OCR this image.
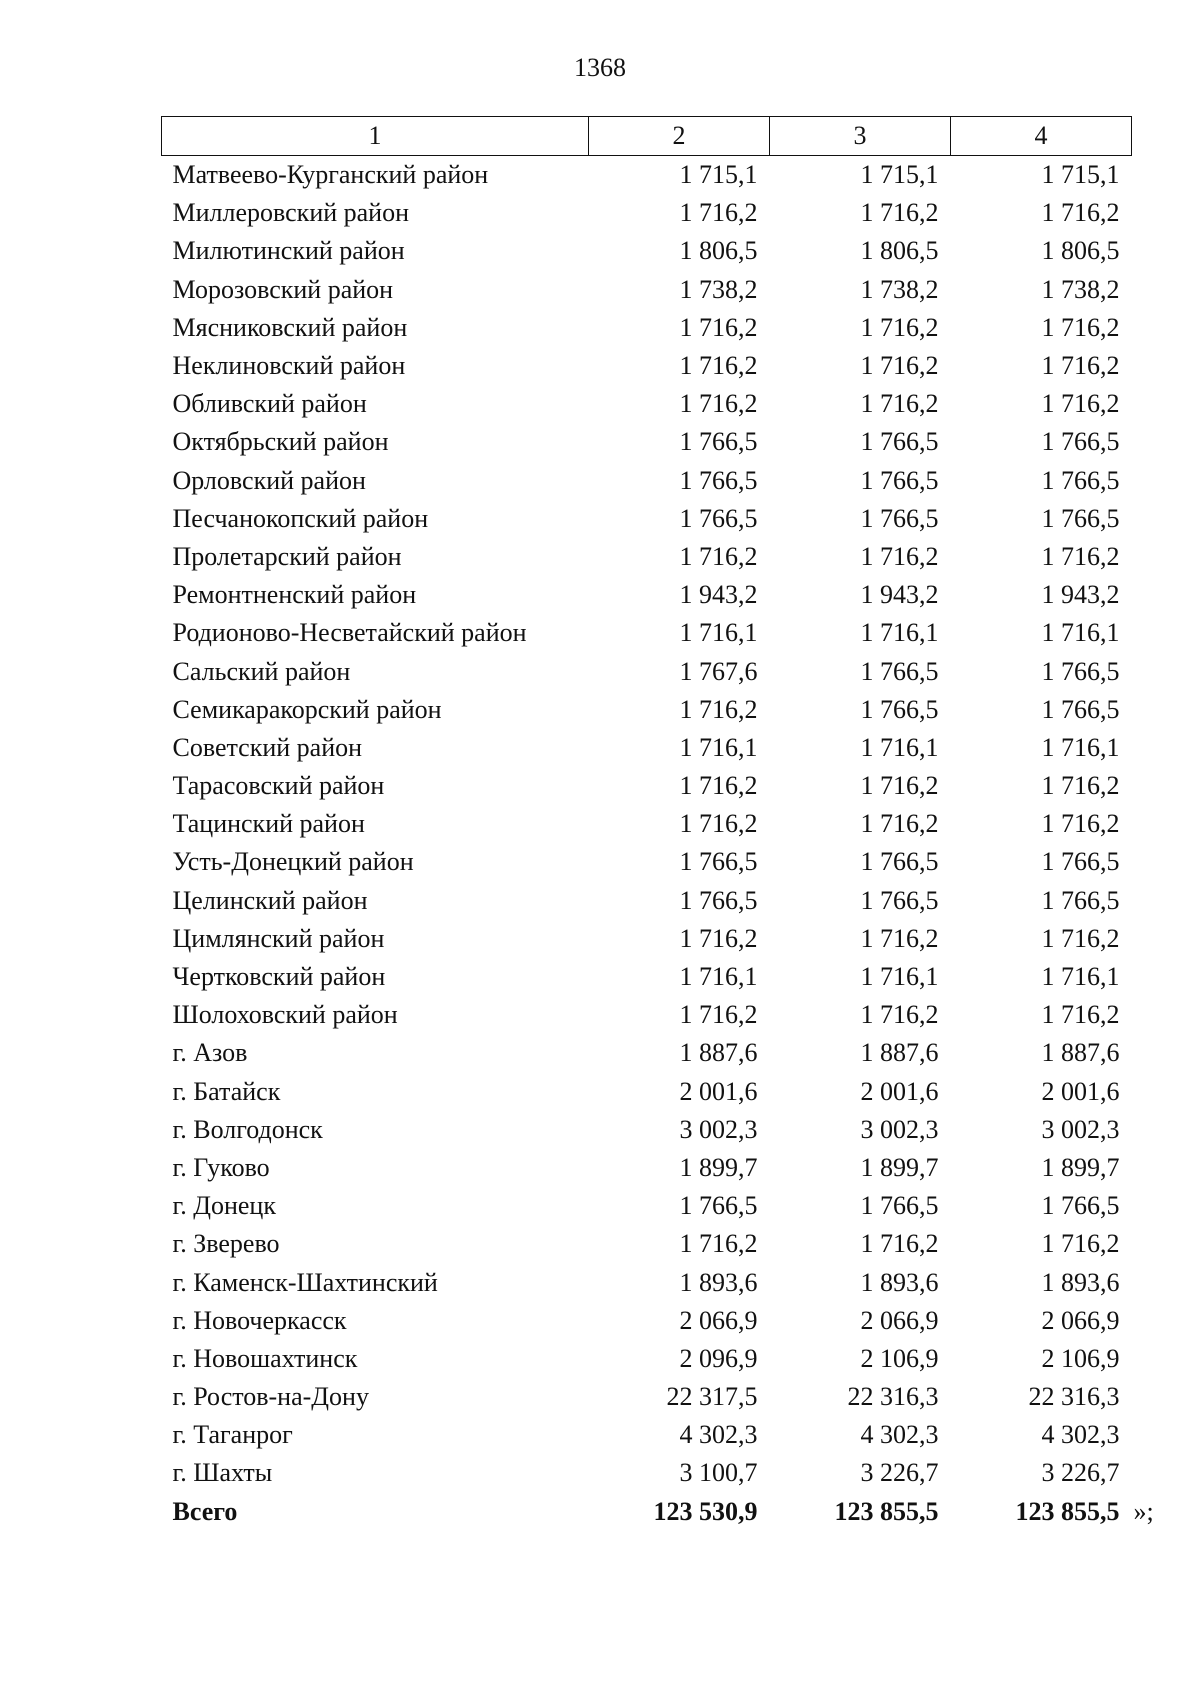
1368
1	2	3	4
Матвеево-Курганский район	1 715,1	1 715,1	1 715,1
Миллеровский район	1 716,2	1 716,2	1 716,2
Милютинский район	1 806,5	1 806,5	1 806,5
Морозовский район	1 738,2	1 738,2	1 738,2
Мясниковский район	1 716,2	1 716,2	1 716,2
Неклиновский район	1 716,2	1 716,2	1 716,2
Обливский район	1 716,2	1 716,2	1 716,2
Октябрьский район	1 766,5	1 766,5	1 766,5
Орловский район	1 766,5	1 766,5	1 766,5
Песчанокопский район	1 766,5	1 766,5	1 766,5
Пролетарский район	1 716,2	1 716,2	1 716,2
Ремонтненский район	1 943,2	1 943,2	1 943,2
Родионово-Несветайский район	1 716,1	1 716,1	1 716,1
Сальский район	1 767,6	1 766,5	1 766,5
Семикаракорский район	1 716,2	1 766,5	1 766,5
Советский район	1 716,1	1 716,1	1 716,1
Тарасовский район	1 716,2	1 716,2	1 716,2
Тацинский район	1 716,2	1 716,2	1 716,2
Усть-Донецкий район	1 766,5	1 766,5	1 766,5
Целинский район	1 766,5	1 766,5	1 766,5
Цимлянский район	1 716,2	1 716,2	1 716,2
Чертковский район	1 716,1	1 716,1	1 716,1
Шолоховский район	1 716,2	1 716,2	1 716,2
г. Азов	1 887,6	1 887,6	1 887,6
г. Батайск	2 001,6	2 001,6	2 001,6
г. Волгодонск	3 002,3	3 002,3	3 002,3
г. Гуково	1 899,7	1 899,7	1 899,7
г. Донецк	1 766,5	1 766,5	1 766,5
г. Зверево	1 716,2	1 716,2	1 716,2
г. Каменск-Шахтинский	1 893,6	1 893,6	1 893,6
г. Новочеркасск	2 066,9	2 066,9	2 066,9
г. Новошахтинск	2 096,9	2 106,9	2 106,9
г. Ростов-на-Дону	22 317,5	22 316,3	22 316,3
г. Таганрог	4 302,3	4 302,3	4 302,3
г. Шахты	3 100,7	3 226,7	3 226,7
Всего	123 530,9	123 855,5	123 855,5 »;
